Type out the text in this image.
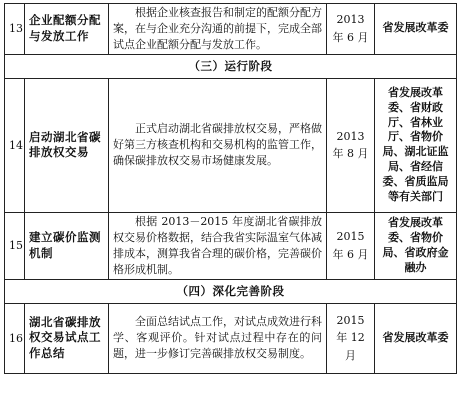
13	企业配额分配与发放工作	根据企业核查报告和制定的配额分配方案，在与企业充分沟通的前提下，完成全部试点企业配额分配与发放工作。	2013 年 6 月	省发展改革委
（三）运行阶段				
14	启动湖北省碳排放权交易	正式启动湖北省碳排放权交易，严格做好第三方核查机构和交易机构的监管工作，确保碳排放权交易市场健康发展。	2013 年 8 月	省发展改革委、省财政厅、省林业厅、省物价局、湖北证监局、省经信委、省质监局等有关部门
15	建立碳价监测机制	根据 2013－2015 年度湖北省碳排放权交易价格数据，结合我省实际温室气体减排成本，测算我省合理的碳价格，完善碳价格形成机制。	2015 年 6 月	省发展改革委、省物价局、省政府金融办
（四）深化完善阶段				
16	湖北省碳排放权交易试点工作总结	全面总结试点工作，对试点成效进行科学、客观评价。针对试点过程中存在的问题，进一步修订完善碳排放权交易制度。	2015 年 12 月	省发展改革委
